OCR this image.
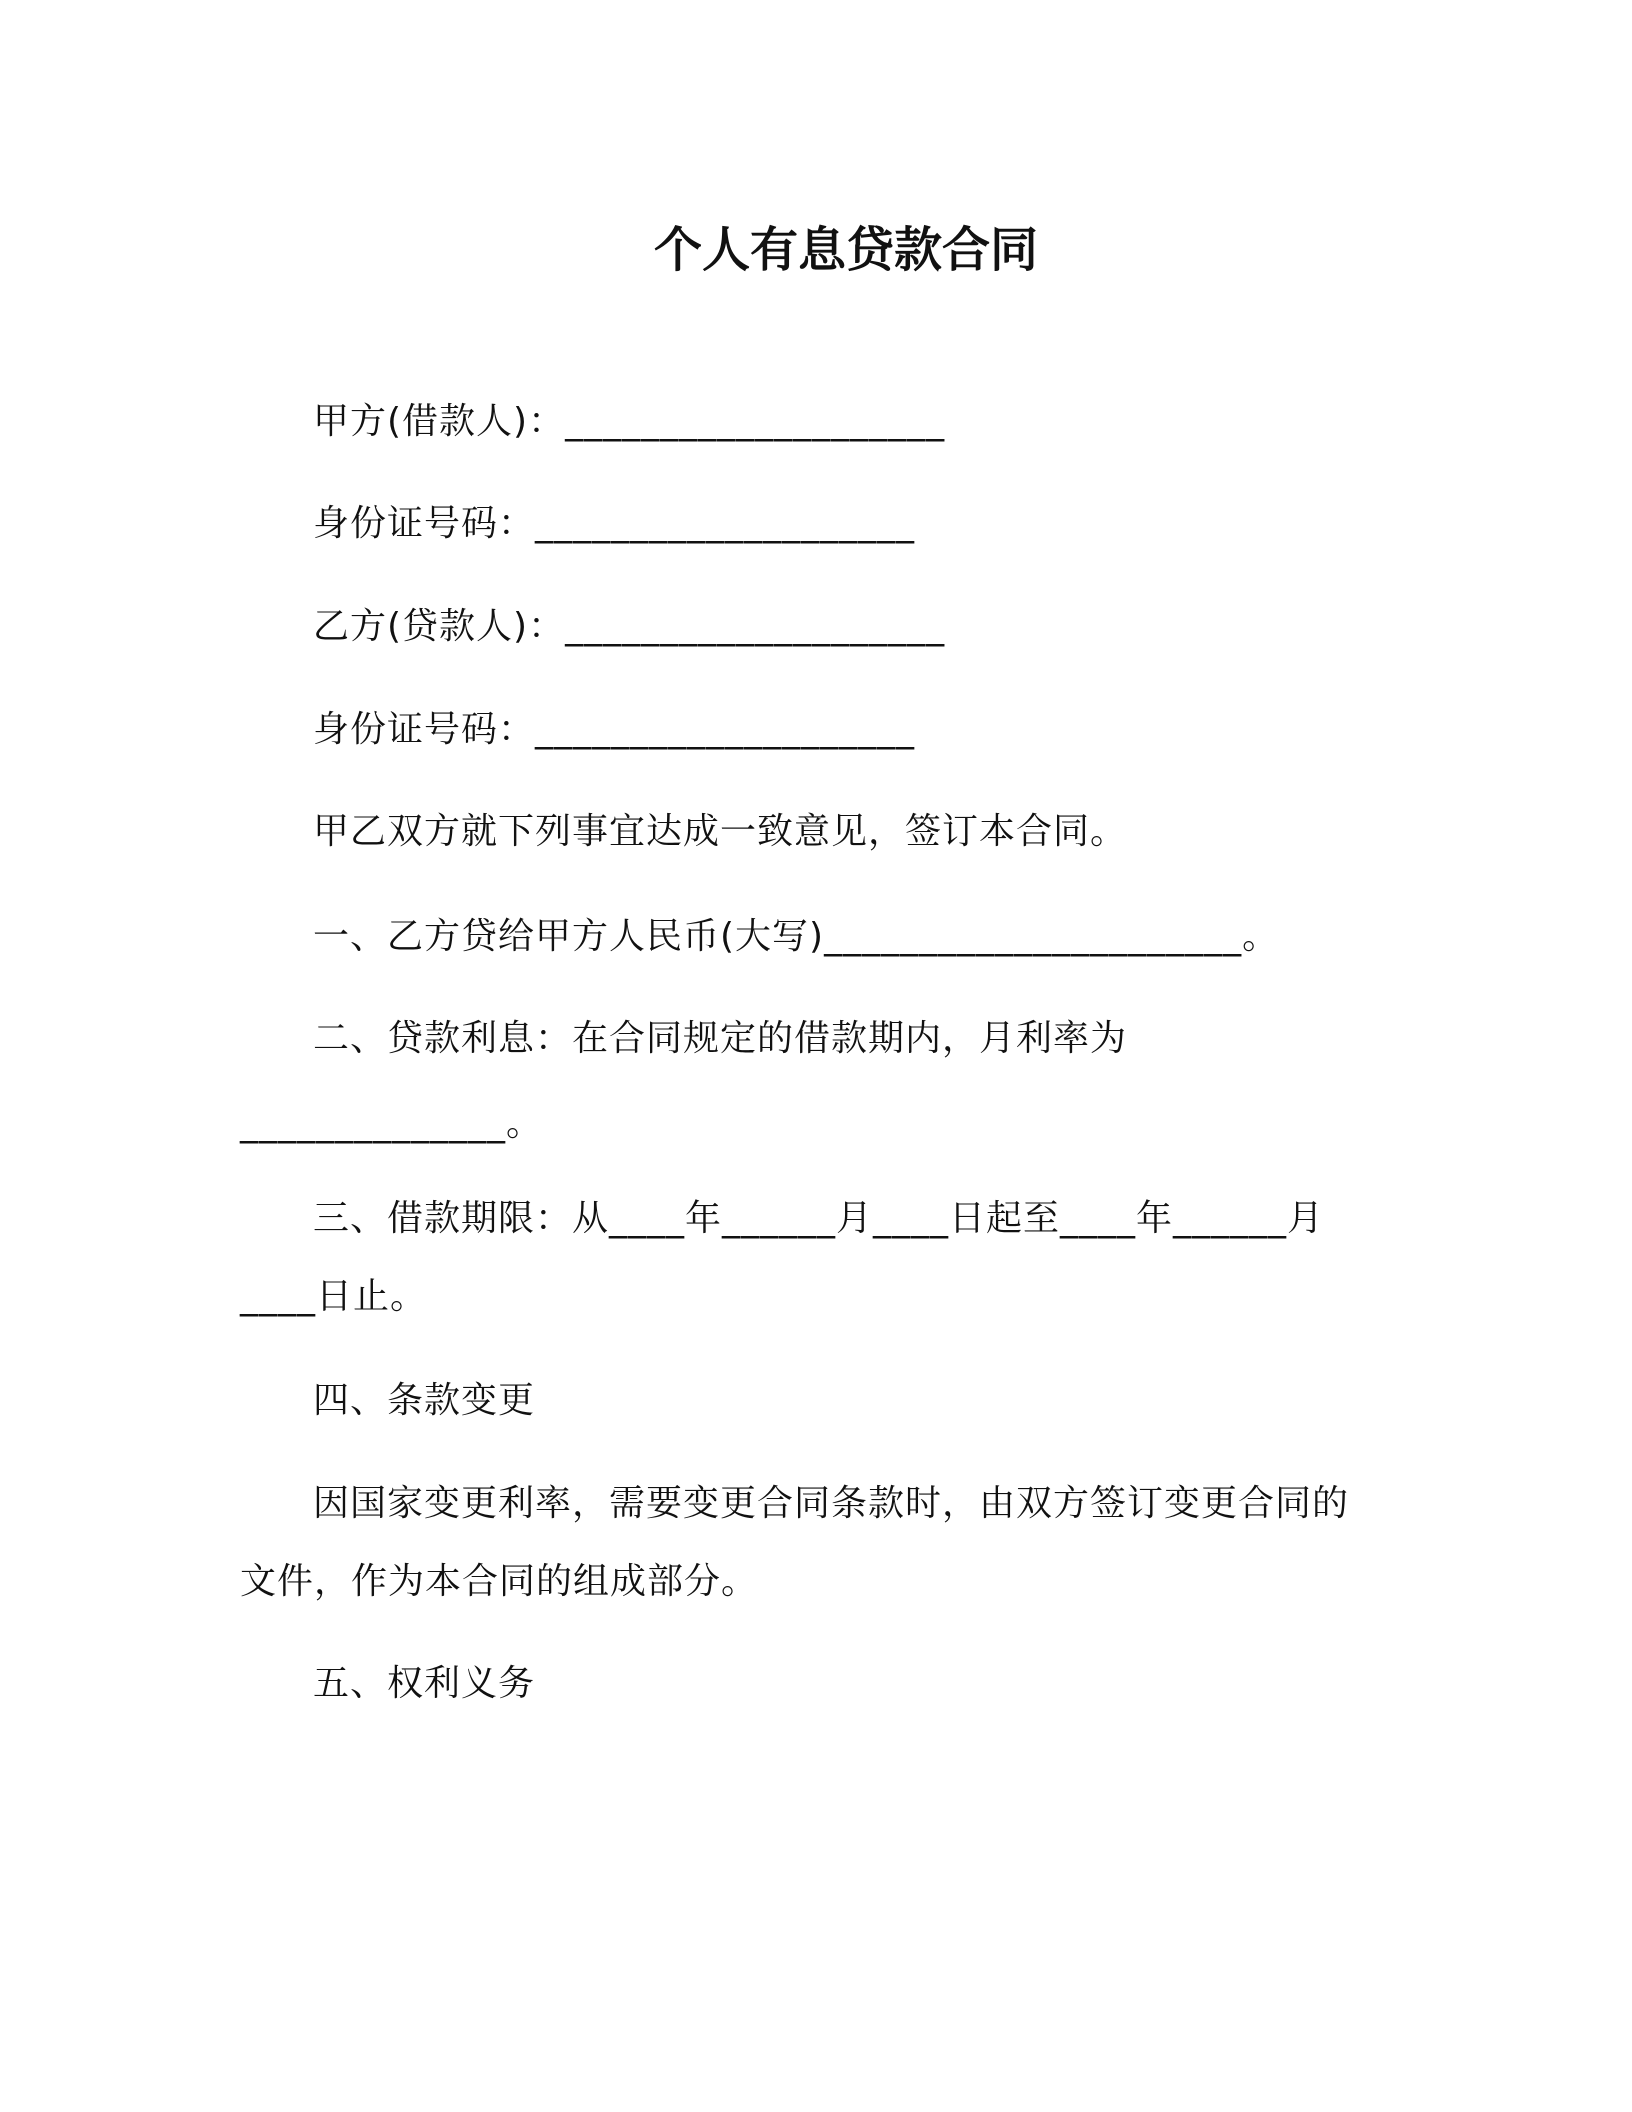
个人有息贷款合同
甲方(借款人)：____________________
身份证号码：____________________
乙方(贷款人)：____________________
身份证号码：____________________
甲乙双方就下列事宜达成一致意见，签订本合同。
一、乙方贷给甲方人民币(大写)______________________。
二、贷款利息：在合同规定的借款期内，月利率为
______________。
三、借款期限：从____年______月____日起至____年______月
____日止。
四、条款变更
因国家变更利率，需要变更合同条款时，由双方签订变更合同的
文件，作为本合同的组成部分。
五、权利义务
